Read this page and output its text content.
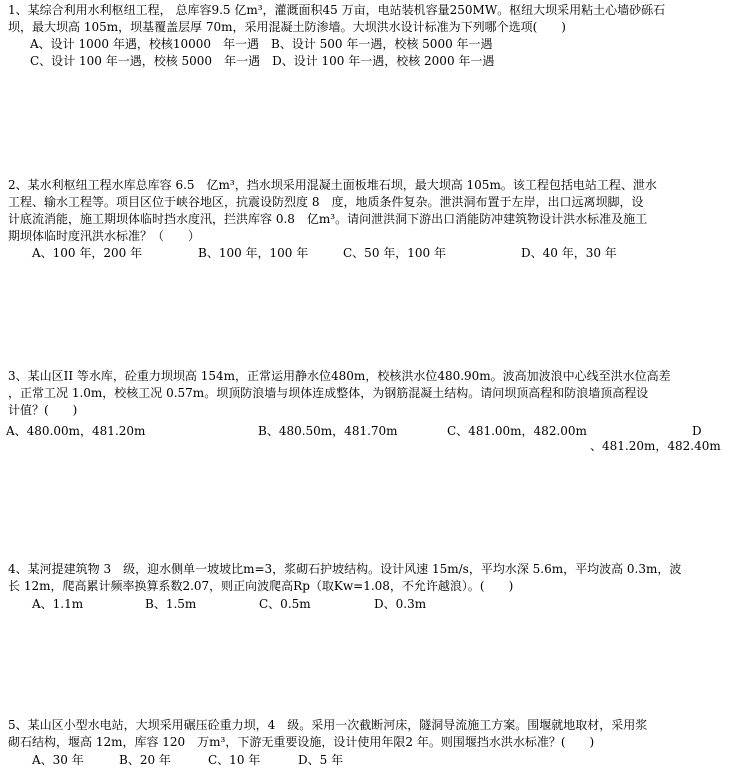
1、某综合利用水利枢纽工程， 总库容9.5 亿m³，灌溉面积45 万亩，电站装机容量250MW。枢纽大坝采用粘土心墙砂砾石
坝，最大坝高 105m，坝基覆盖层厚 70m，采用混凝土防渗墙。大坝洪水设计标准为下列哪个选项(　　)
A、设计 1000 年遇，校核10000　年一遇　B、设计 500 年一遇，校核 5000 年一遇
C、设计 100 年一遇，校核 5000　年一遇　D、设计 100 年一遇，校核 2000 年一遇
2、某水利枢纽工程水库总库容 6.5　亿m³，挡水坝采用混凝土面板堆石坝，最大坝高 105m。该工程包括电站工程、泄水
工程、输水工程等。项目区位于峡谷地区，抗震设防烈度 8　度，地质条件复杂。泄洪洞布置于左岸，出口远离坝脚，设
计底流消能，施工期坝体临时挡水度汛，拦洪库容 0.8　亿m³。请问泄洪洞下游出口消能防冲建筑物设计洪水标准及施工
期坝体临时度汛洪水标准？（　　）
A、100 年，200 年	B、100 年，100 年	C、50 年，100 年	D、40 年，30 年
3、某山区II 等水库，砼重力坝坝高 154m，正常运用静水位480m，校核洪水位480.90m。波高加波浪中心线至洪水位高差
，正常工况 1.0m，校核工况 0.57m。坝顶防浪墙与坝体连成整体，为钢筋混凝土结构。请问坝顶高程和防浪墙顶高程设
计值？(　　)
A、480.00m，481.20m	B、480.50m，481.70m	C、481.00m，482.00m	D
、481.20m，482.40m
4、某河提建筑物 3　级，迎水侧单一坡坡比m=3，浆砌石护坡结构。设计风速 15m/s，平均水深 5.6m，平均波高 0.3m，波
长 12m，爬高累计频率换算系数2.07，则正向波爬高Rp（取Kw=1.08，不允许越浪）。(　　)
A、1.1m	B、1.5m	C、0.5m	D、0.3m
5、某山区小型水电站，大坝采用碾压砼重力坝，4　级。采用一次截断河床，隧洞导流施工方案。围堰就地取材，采用浆
砌石结构，堰高 12m，库容 120　万m³，下游无重要设施，设计使用年限2 年。则围堰挡水洪水标准？(　　)
A、30 年	B、20 年	C、10 年	D、5 年
